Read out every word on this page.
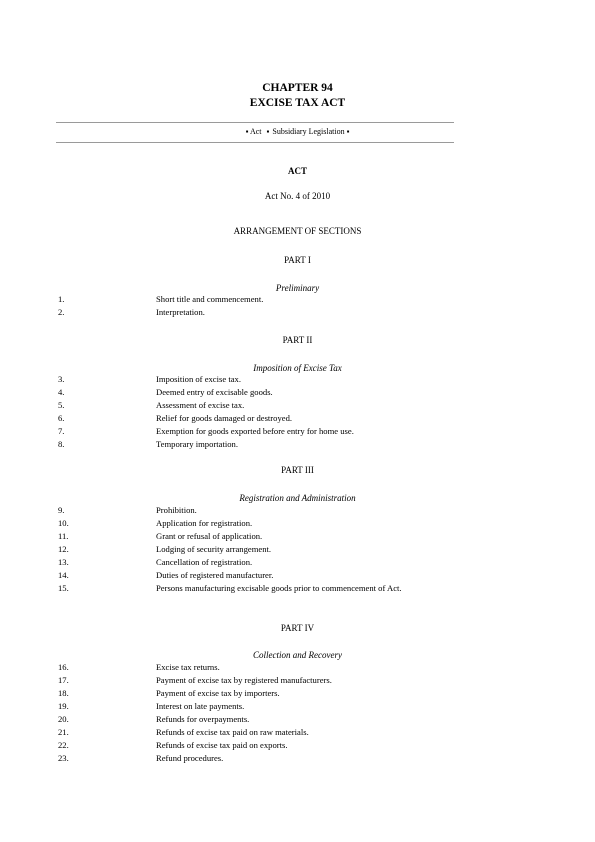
CHAPTER 94
EXCISE TAX ACT
▪ Act ▪ Subsidiary Legislation ▪
ACT
Act No. 4 of 2010
ARRANGEMENT OF SECTIONS
PART I
Preliminary
1.	Short title and commencement.
2.	Interpretation.
PART II
Imposition of Excise Tax
3.	Imposition of excise tax.
4.	Deemed entry of excisable goods.
5.	Assessment of excise tax.
6.	Relief for goods damaged or destroyed.
7.	Exemption for goods exported before entry for home use.
8.	Temporary importation.
PART III
Registration and Administration
9.	Prohibition.
10.	Application for registration.
11.	Grant or refusal of application.
12.	Lodging of security arrangement.
13.	Cancellation of registration.
14.	Duties of registered manufacturer.
15.	Persons manufacturing excisable goods prior to commencement of Act.
PART IV
Collection and Recovery
16.	Excise tax returns.
17.	Payment of excise tax by registered manufacturers.
18.	Payment of excise tax by importers.
19.	Interest on late payments.
20.	Refunds for overpayments.
21.	Refunds of excise tax paid on raw materials.
22.	Refunds of excise tax paid on exports.
23.	Refund procedures.
